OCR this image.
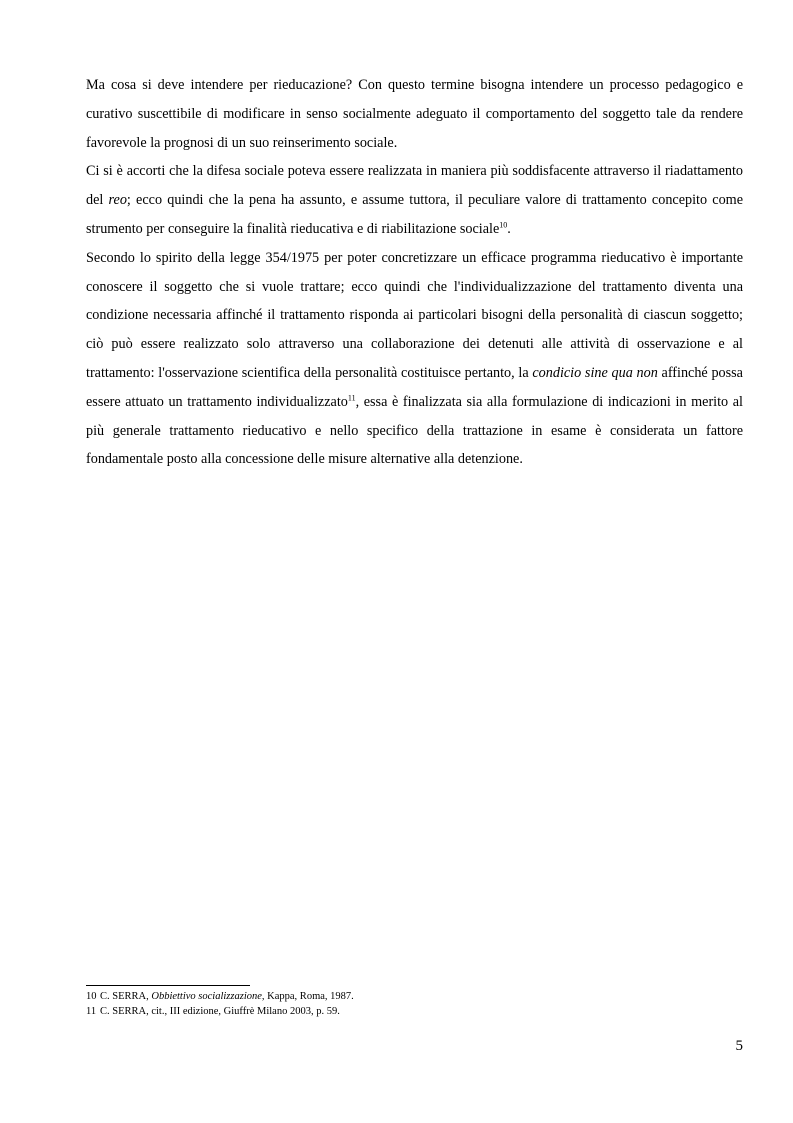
Ma cosa si deve intendere per rieducazione? Con questo termine bisogna intendere un processo pedagogico e curativo suscettibile di modificare in senso socialmente adeguato il comportamento del soggetto tale da rendere favorevole la prognosi di un suo reinserimento sociale.

Ci si è accorti che la difesa sociale poteva essere realizzata in maniera più soddisfacente attraverso il riadattamento del reo; ecco quindi che la pena ha assunto, e assume tuttora, il peculiare valore di trattamento concepito come strumento per conseguire la finalità rieducativa e di riabilitazione sociale$^{10}$.

Secondo lo spirito della legge 354/1975 per poter concretizzare un efficace programma rieducativo è importante conoscere il soggetto che si vuole trattare; ecco quindi che l'individualizzazione del trattamento diventa una condizione necessaria affinché il trattamento risponda ai particolari bisogni della personalità di ciascun soggetto; ciò può essere realizzato solo attraverso una collaborazione dei detenuti alle attività di osservazione e al trattamento: l'osservazione scientifica della personalità costituisce pertanto, la condicio sine qua non affinché possa essere attuato un trattamento individualizzato$^{11}$, essa è finalizzata sia alla formulazione di indicazioni in merito al più generale trattamento rieducativo e nello specifico della trattazione in esame è considerata un fattore fondamentale posto alla concessione delle misure alternative alla detenzione.

10 C. SERRA, Obbiettivo socializzazione, Kappa, Roma, 1987.

11 C. SERRA, cit., III edizione, Giuffrè Milano 2003, p. 59.

5
